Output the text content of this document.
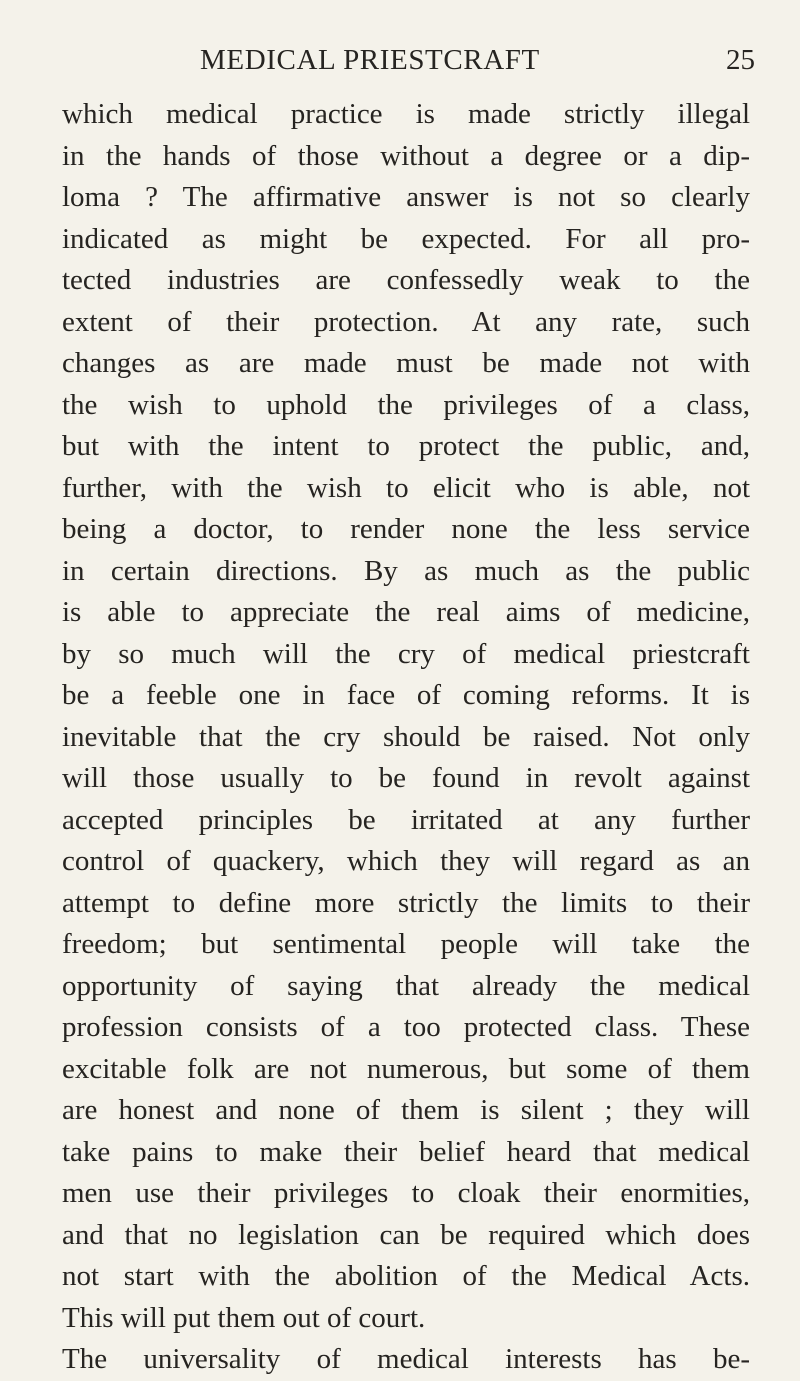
MEDICAL PRIESTCRAFT	25
which medical practice is made strictly illegal
in the hands of those without a degree or a dip-
loma ? The affirmative answer is not so clearly
indicated as might be expected. For all pro-
tected industries are confessedly weak to the
extent of their protection. At any rate, such
changes as are made must be made not with
the wish to uphold the privileges of a class,
but with the intent to protect the public, and,
further, with the wish to elicit who is able, not
being a doctor, to render none the less service
in certain directions. By as much as the public
is able to appreciate the real aims of medicine,
by so much will the cry of medical priestcraft
be a feeble one in face of coming reforms. It is
inevitable that the cry should be raised. Not only
will those usually to be found in revolt against
accepted principles be irritated at any further
control of quackery, which they will regard as an
attempt to define more strictly the limits to their
freedom; but sentimental people will take the
opportunity of saying that already the medical
profession consists of a too protected class. These
excitable folk are not numerous, but some of them
are honest and none of them is silent ; they will
take pains to make their belief heard that medical
men use their privileges to cloak their enormities,
and that no legislation can be required which does
not start with the abolition of the Medical Acts.
This will put them out of court.
The universality of medical interests has be-
